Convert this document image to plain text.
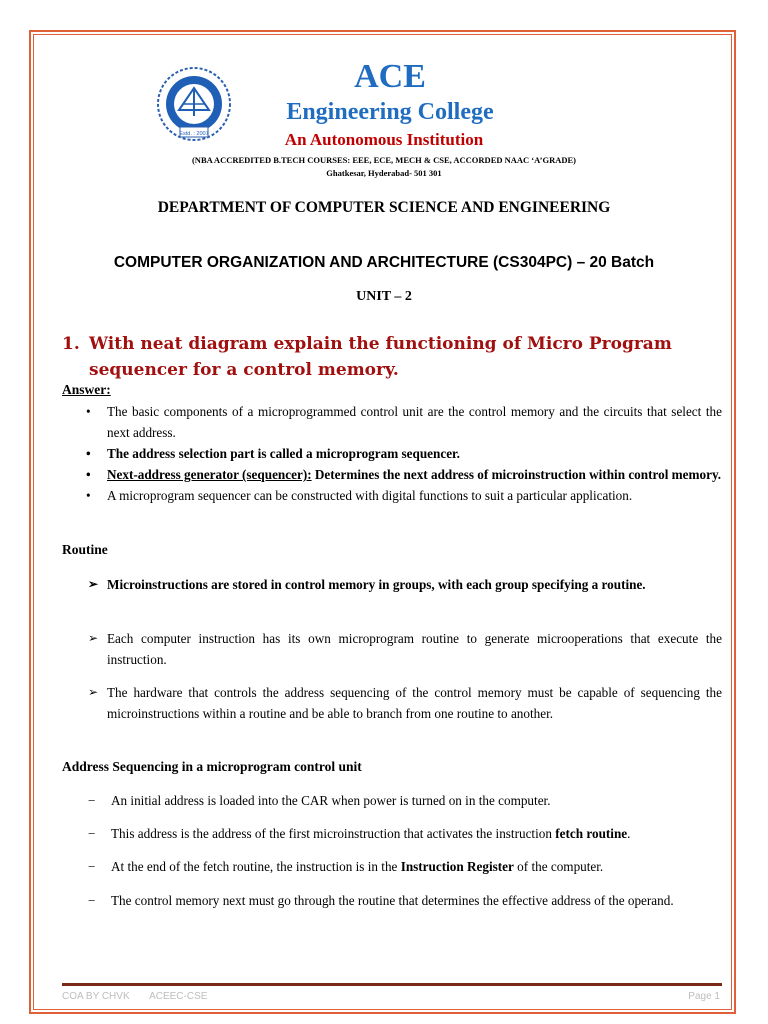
Estd. : 2007
ACE
Engineering College
An Autonomous Institution
(NBA ACCREDITED B.TECH COURSES: EEE, ECE, MECH & CSE, ACCORDED NAAC ‘A’GRADE)
Ghatkesar, Hyderabad- 501 301
DEPARTMENT OF COMPUTER SCIENCE AND ENGINEERING
COMPUTER ORGANIZATION AND ARCHITECTURE (CS304PC) – 20 Batch
UNIT – 2
1. With neat diagram explain the functioning of Micro Program sequencer for a control memory.
Answer:
• The basic components of a microprogrammed control unit are the control memory and the circuits that select the next address.
• The address selection part is called a microprogram sequencer.
• Next-address generator (sequencer): Determines the next address of microinstruction within control memory.
• A microprogram sequencer can be constructed with digital functions to suit a particular application.
Routine
➢ Microinstructions are stored in control memory in groups, with each group specifying a routine.
➢ Each computer instruction has its own microprogram routine to generate microoperations that execute the instruction.
➢ The hardware that controls the address sequencing of the control memory must be capable of sequencing the microinstructions within a routine and be able to branch from one routine to another.
Address Sequencing in a microprogram control unit
− An initial address is loaded into the CAR when power is turned on in the computer.
− This address is the address of the first microinstruction that activates the instruction fetch routine.
− At the end of the fetch routine, the instruction is in the Instruction Register of the computer.
− The control memory next must go through the routine that determines the effective address of the operand.
COA BY CHVK ACEEC-CSE	Page 1
